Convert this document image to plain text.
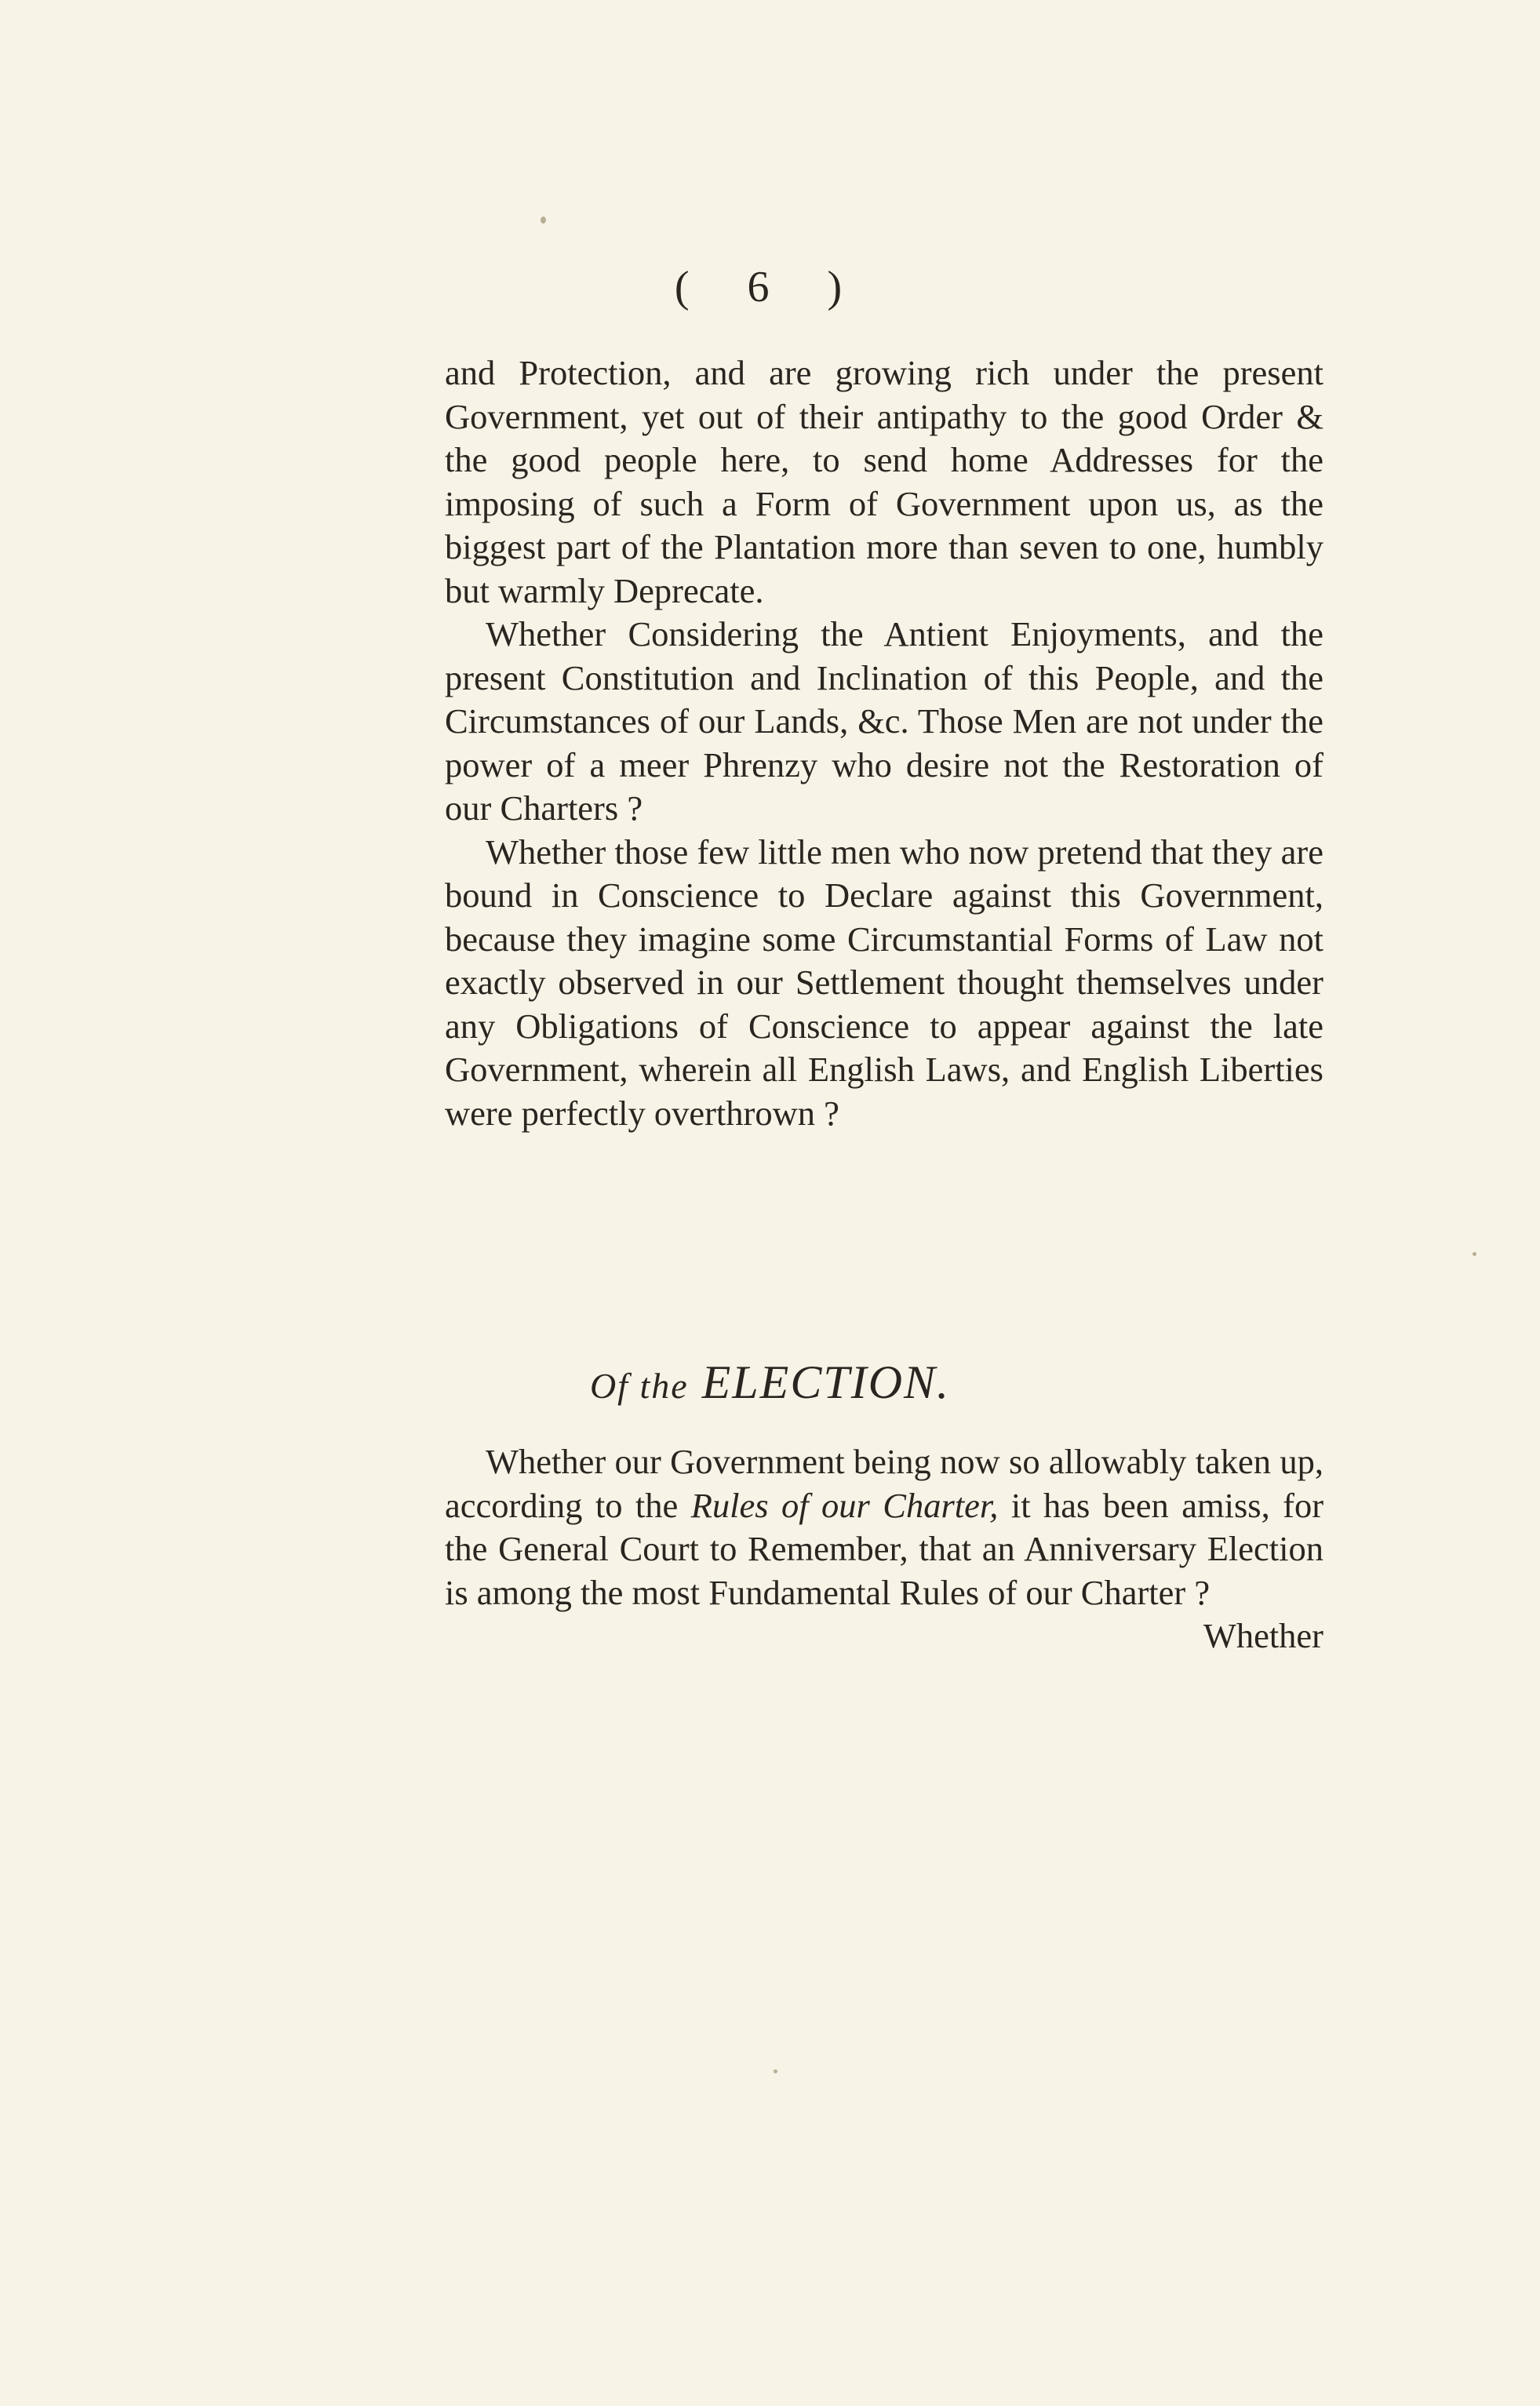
( 6 )

and Protection, and are growing rich under the present Government, yet out of their antipathy to the good Order & the good people here, to send home Addresses for the imposing of such a Form of Government upon us, as the biggest part of the Plantation more than seven to one, humbly but warmly Deprecate.

Whether Considering the Antient Enjoyments, and the present Constitution and Inclination of this People, and the Circumstances of our Lands, &c. Those Men are not under the power of a meer Phrenzy who desire not the Restoration of our Charters ?

Whether those few little men who now pretend that they are bound in Conscience to Declare against this Government, because they imagine some Circumstantial Forms of Law not exactly observed in our Settlement thought themselves under any Obligations of Conscience to appear against the late Government, wherein all English Laws, and English Liberties were perfectly overthrown ?

Of the ELECTION.

Whether our Government being now so allowably taken up, according to the Rules of our Charter, it has been amiss, for the General Court to Remember, that an Anniversary Election is among the most Fundamental Rules of our Charter ?

Whether
